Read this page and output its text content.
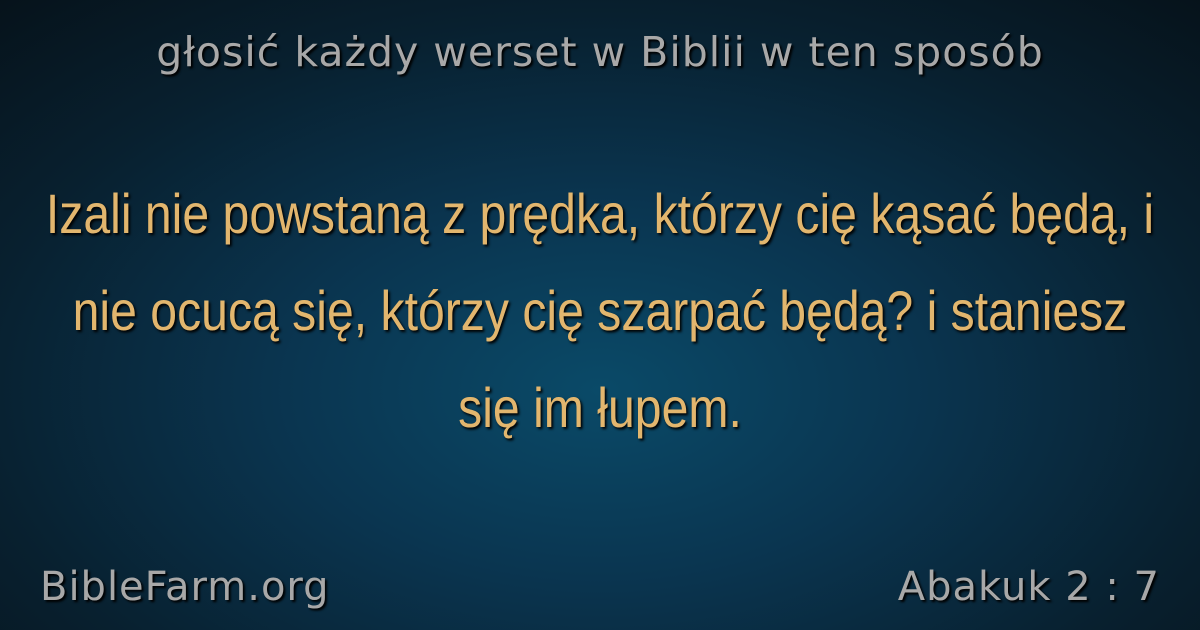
głosić każdy werset w Biblii w ten sposób
Izali nie powstaną z prędka, którzy cię kąsać będą, i nie ocucą się, którzy cię szarpać będą? i staniesz się im łupem.
BibleFarm.org	Abakuk 2 : 7
